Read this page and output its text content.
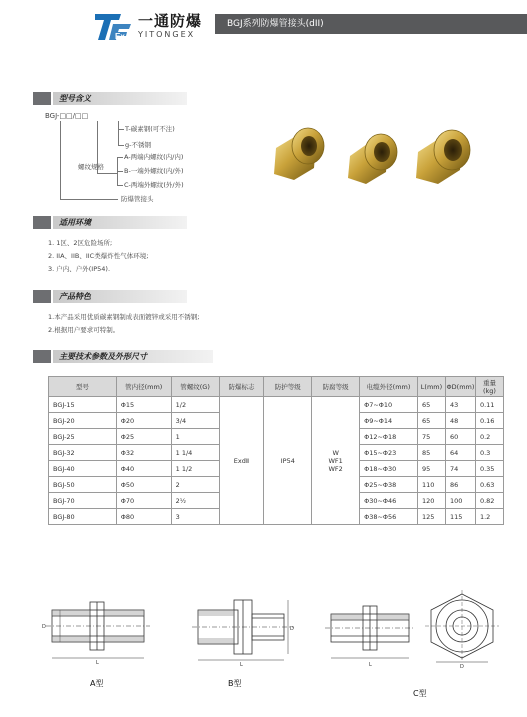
Ex
一通防爆
YITONGEX
BGJ系列防爆管接头(dII)
型号含义
BGJ-□□/□□
T-碳素钢(可不注)
g-不锈钢
螺纹规格
A-两端内螺纹(内/内)
B-一端外螺纹(内/外)
C-两端外螺纹(外/外)
防爆管接头
适用环境
1. 1区、2区危险场所;
2. IIA、IIB、IIC类爆炸性气体环境;
3. 户内、户外(IP54).
产品特色
1.本产品采用优质碳素钢制成表面镀锌或采用不锈钢;
2.根据用户要求可特制。
主要技术参数及外形尺寸
型号	管内径(mm)	管螺纹(G)	防爆标志	防护等级	防腐等级	电缆外径(mm)	L(mm)	ΦD(mm)	重量
(kg)
BGJ-15	Φ15	1/2	ExdⅡ	IP54	W
WF1
WF2	Φ7~Φ10	65	43	0.11
BGJ-20	Φ20	3/4				Φ9~Φ14	65	48	0.16
BGJ-25	Φ25	1				Φ12~Φ18	75	60	0.2
BGJ-32	Φ32	1 1/4				Φ15~Φ23	85	64	0.3
BGJ-40	Φ40	1 1/2				Φ18~Φ30	95	74	0.35
BGJ-50	Φ50	2				Φ25~Φ38	110	86	0.63
BGJ-70	Φ70	2½				Φ30~Φ46	120	100	0.82
BGJ-80	Φ80	3				Φ38~Φ56	125	115	1.2
D
L
A型
D
L
B型
L	D
C型
